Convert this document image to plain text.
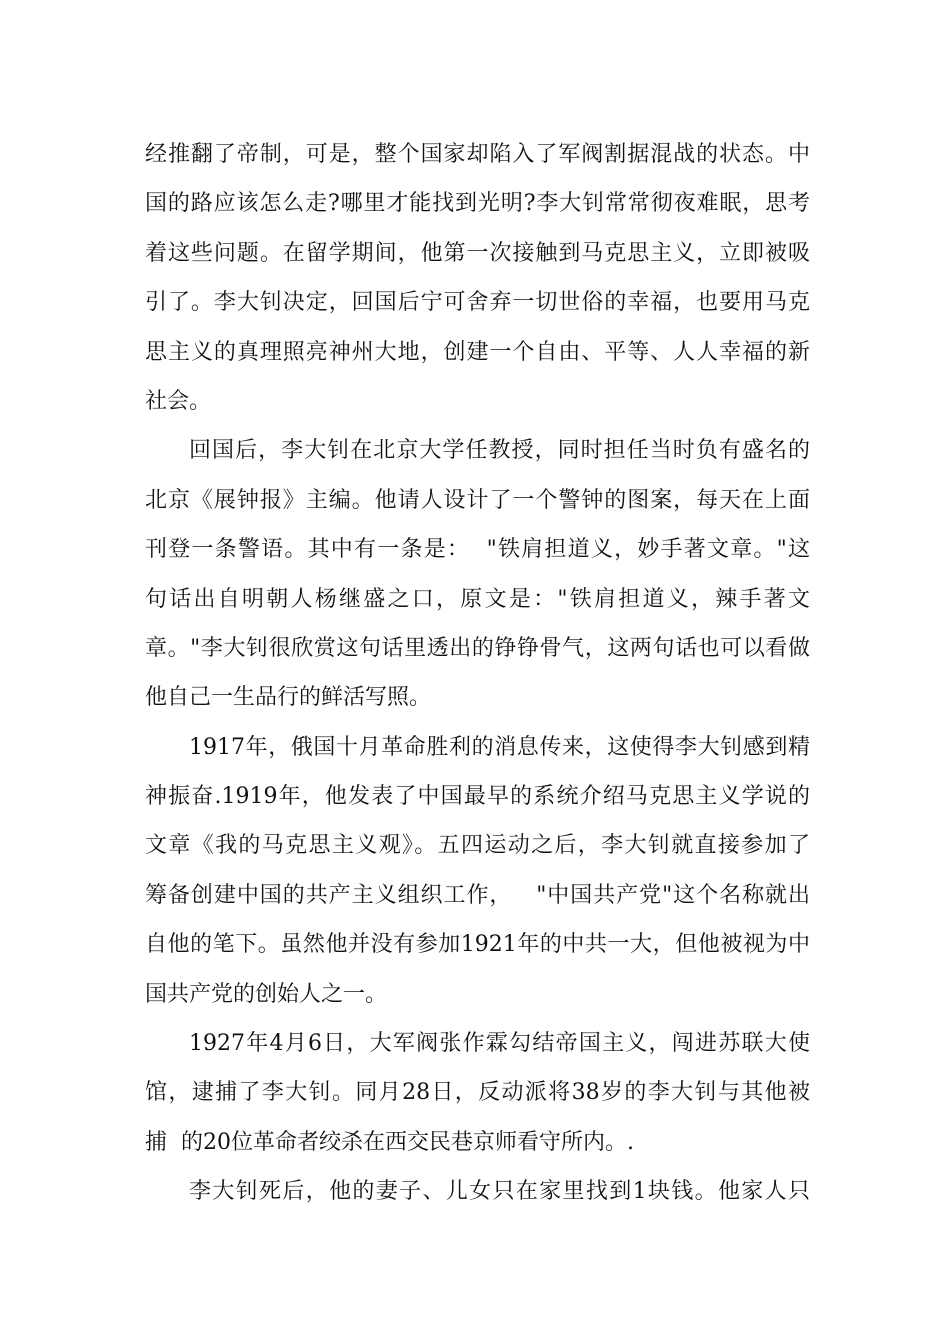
经推翻了帝制，可是，整个国家却陷入了军阀割据混战的状态。中
国的路应该怎么走?哪里才能找到光明?李大钊常常彻夜难眠，思考
着这些问题。在留学期间，他第一次接触到马克思主义，立即被吸
引了。李大钊决定，回国后宁可舍弃一切世俗的幸福，也要用马克
思主义的真理照亮神州大地，创建一个自由、平等、人人幸福的新
社会。
回国后，李大钊在北京大学任教授，同时担任当时负有盛名的
北京《展钟报》主编。他请人设计了一个警钟的图案，每天在上面
刊登一条警语。其中有一条是：  "铁肩担道义，妙手著文章。"这
句话出自明朝人杨继盛之口，原文是："铁肩担道义，辣手著文
章。"李大钊很欣赏这句话里透出的铮铮骨气，这两句话也可以看做
他自己一生品行的鲜活写照。
1917年，俄国十月革命胜利的消息传来，这使得李大钊感到精
神振奋.1919年，他发表了中国最早的系统介绍马克思主义学说的
文章《我的马克思主义观》。五四运动之后，李大钊就直接参加了
筹备创建中国的共产主义组织工作，   "中国共产党"这个名称就出
自他的笔下。虽然他并没有参加1921年的中共一大，但他被视为中
国共产党的创始人之一。
1927年4月6日，大军阀张作霖勾结帝国主义，闯进苏联大使
馆，逮捕了李大钊。同月28日，反动派将38岁的李大钊与其他被
捕  的20位革命者绞杀在西交民巷京师看守所内。.
李大钊死后，他的妻子、儿女只在家里找到1块钱。他家人只
